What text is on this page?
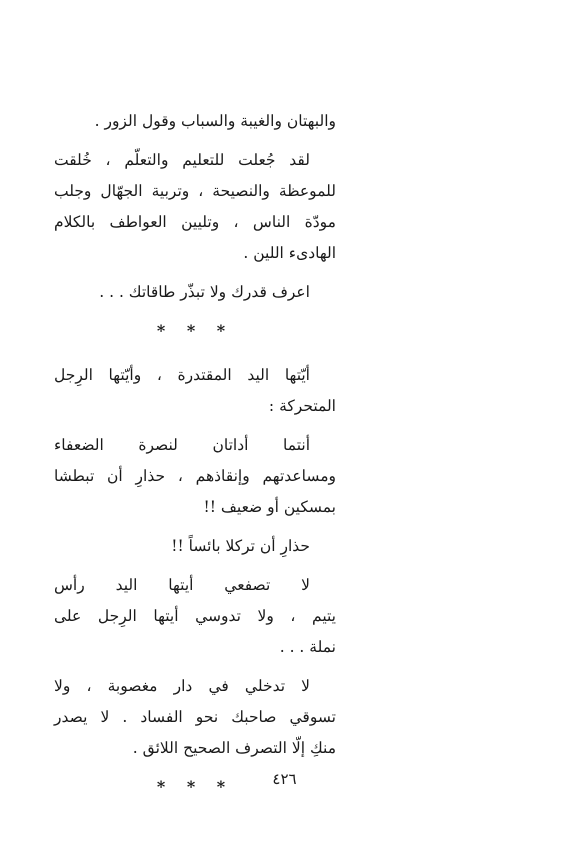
والبهتان والغيبة والسباب وقول الزور .
لقد جُعلت للتعليم والتعلّم ، خُلقت
للموعظة والنصيحة ، وتربية الجهّال وجلب
مودّة الناس ، وتليين العواطف بالكلام
الهادىء اللين .
اعرف قدرك ولا تبذّر طاقاتك . . .
* * *
أيّتها اليد المقتدرة ، وأيّتها الرِجل
المتحركة :
أنتما أداتان لنصرة الضعفاء
ومساعدتهم وإنقاذهم ، حذارِ أن تبطشا
بمسكين أو ضعيف !!
حذارِ أن تركلا بائساً !!
لا تصفعي أيتها اليد رأس
يتيم ، ولا تدوسي أيتها الرِجل على
نملة . . .
لا تدخلي في دار مغصوبة ، ولا
تسوقي صاحبك نحو الفساد . لا يصدر
منكِ إلّا التصرف الصحيح اللائق .
* * *	٤٢٦
